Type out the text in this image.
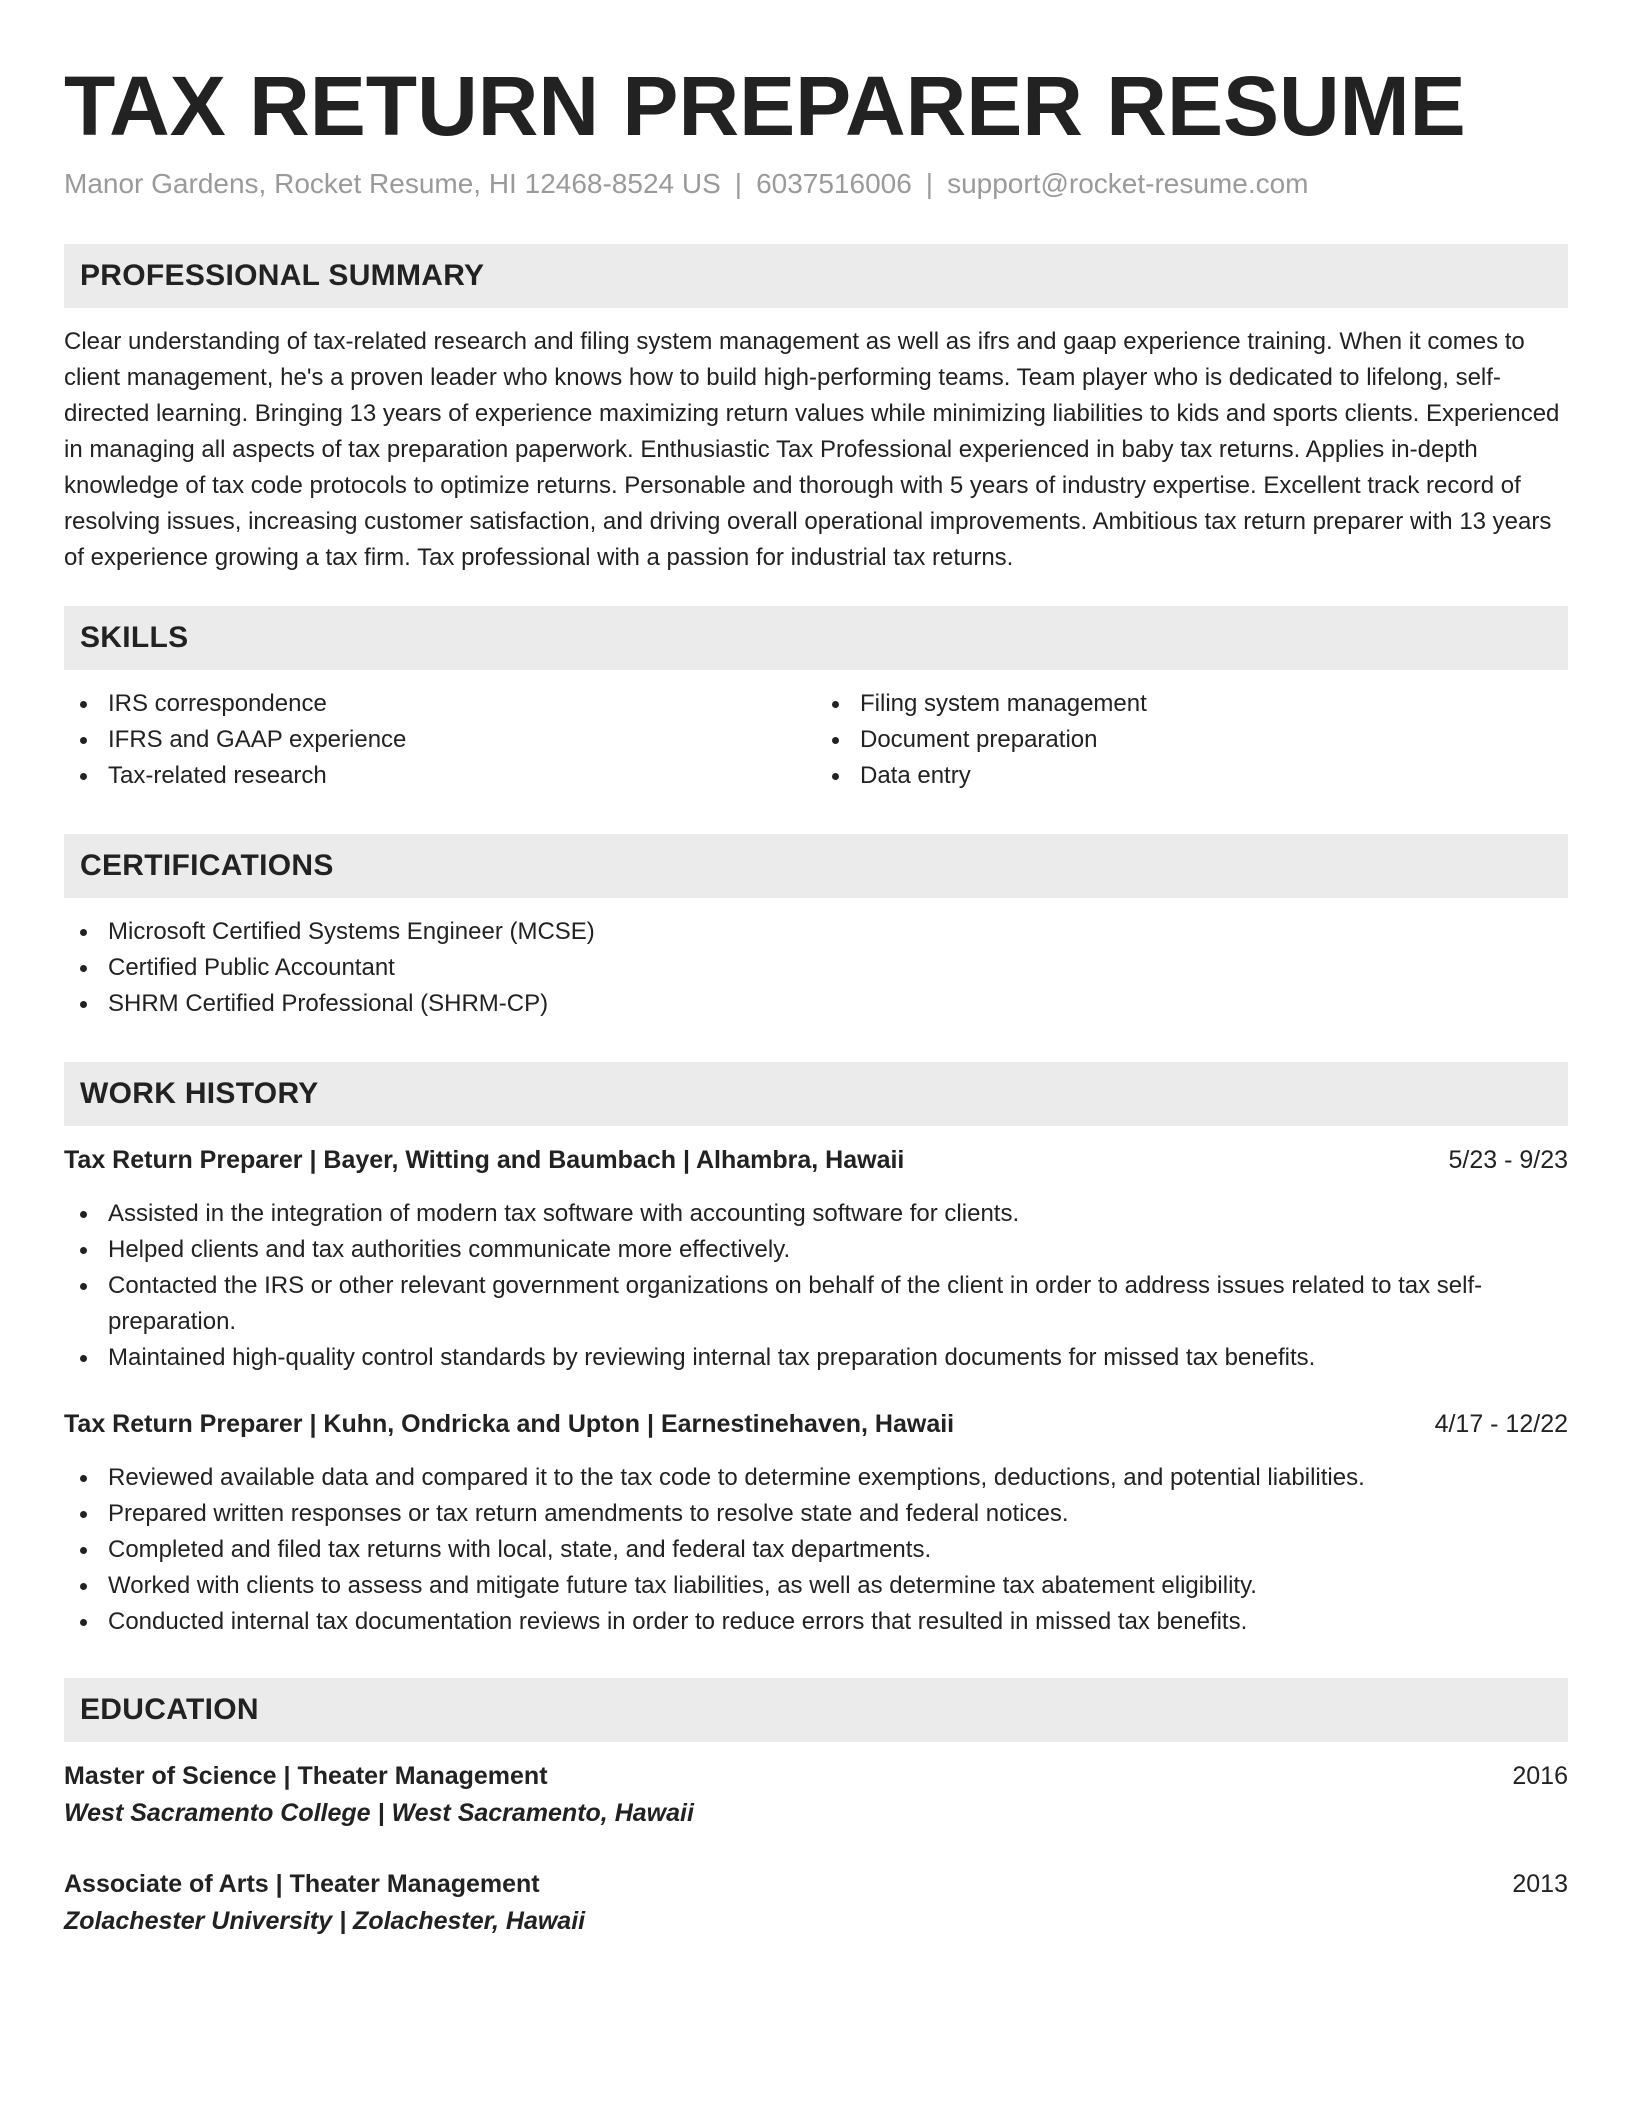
TAX RETURN PREPARER RESUME
Manor Gardens, Rocket Resume, HI 12468-8524 US | 6037516006 | support@rocket-resume.com
PROFESSIONAL SUMMARY

Clear understanding of tax-related research and filing system management as well as ifrs and gaap experience training. When it comes to client management, he's a proven leader who knows how to build high-performing teams. Team player who is dedicated to lifelong, self-directed learning. Bringing 13 years of experience maximizing return values while minimizing liabilities to kids and sports clients. Experienced in managing all aspects of tax preparation paperwork. Enthusiastic Tax Professional experienced in baby tax returns. Applies in-depth knowledge of tax code protocols to optimize returns. Personable and thorough with 5 years of industry expertise. Excellent track record of resolving issues, increasing customer satisfaction, and driving overall operational improvements. Ambitious tax return preparer with 13 years of experience growing a tax firm. Tax professional with a passion for industrial tax returns.

SKILLS
IRS correspondence
IFRS and GAAP experience
Tax-related research
Filing system management
Document preparation
Data entry
CERTIFICATIONS
Microsoft Certified Systems Engineer (MCSE)
Certified Public Accountant
SHRM Certified Professional (SHRM-CP)
WORK HISTORY
Tax Return Preparer | Bayer, Witting and Baumbach | Alhambra, Hawaii	5/23 - 9/23
Assisted in the integration of modern tax software with accounting software for clients.
Helped clients and tax authorities communicate more effectively.
Contacted the IRS or other relevant government organizations on behalf of the client in order to address issues related to tax self-preparation.
Maintained high-quality control standards by reviewing internal tax preparation documents for missed tax benefits.
Tax Return Preparer | Kuhn, Ondricka and Upton | Earnestinehaven, Hawaii	4/17 - 12/22
Reviewed available data and compared it to the tax code to determine exemptions, deductions, and potential liabilities.
Prepared written responses or tax return amendments to resolve state and federal notices.
Completed and filed tax returns with local, state, and federal tax departments.
Worked with clients to assess and mitigate future tax liabilities, as well as determine tax abatement eligibility.
Conducted internal tax documentation reviews in order to reduce errors that resulted in missed tax benefits.
EDUCATION
Master of Science | Theater Management	2016
West Sacramento College | West Sacramento, Hawaii
Associate of Arts | Theater Management	2013
Zolachester University | Zolachester, Hawaii
